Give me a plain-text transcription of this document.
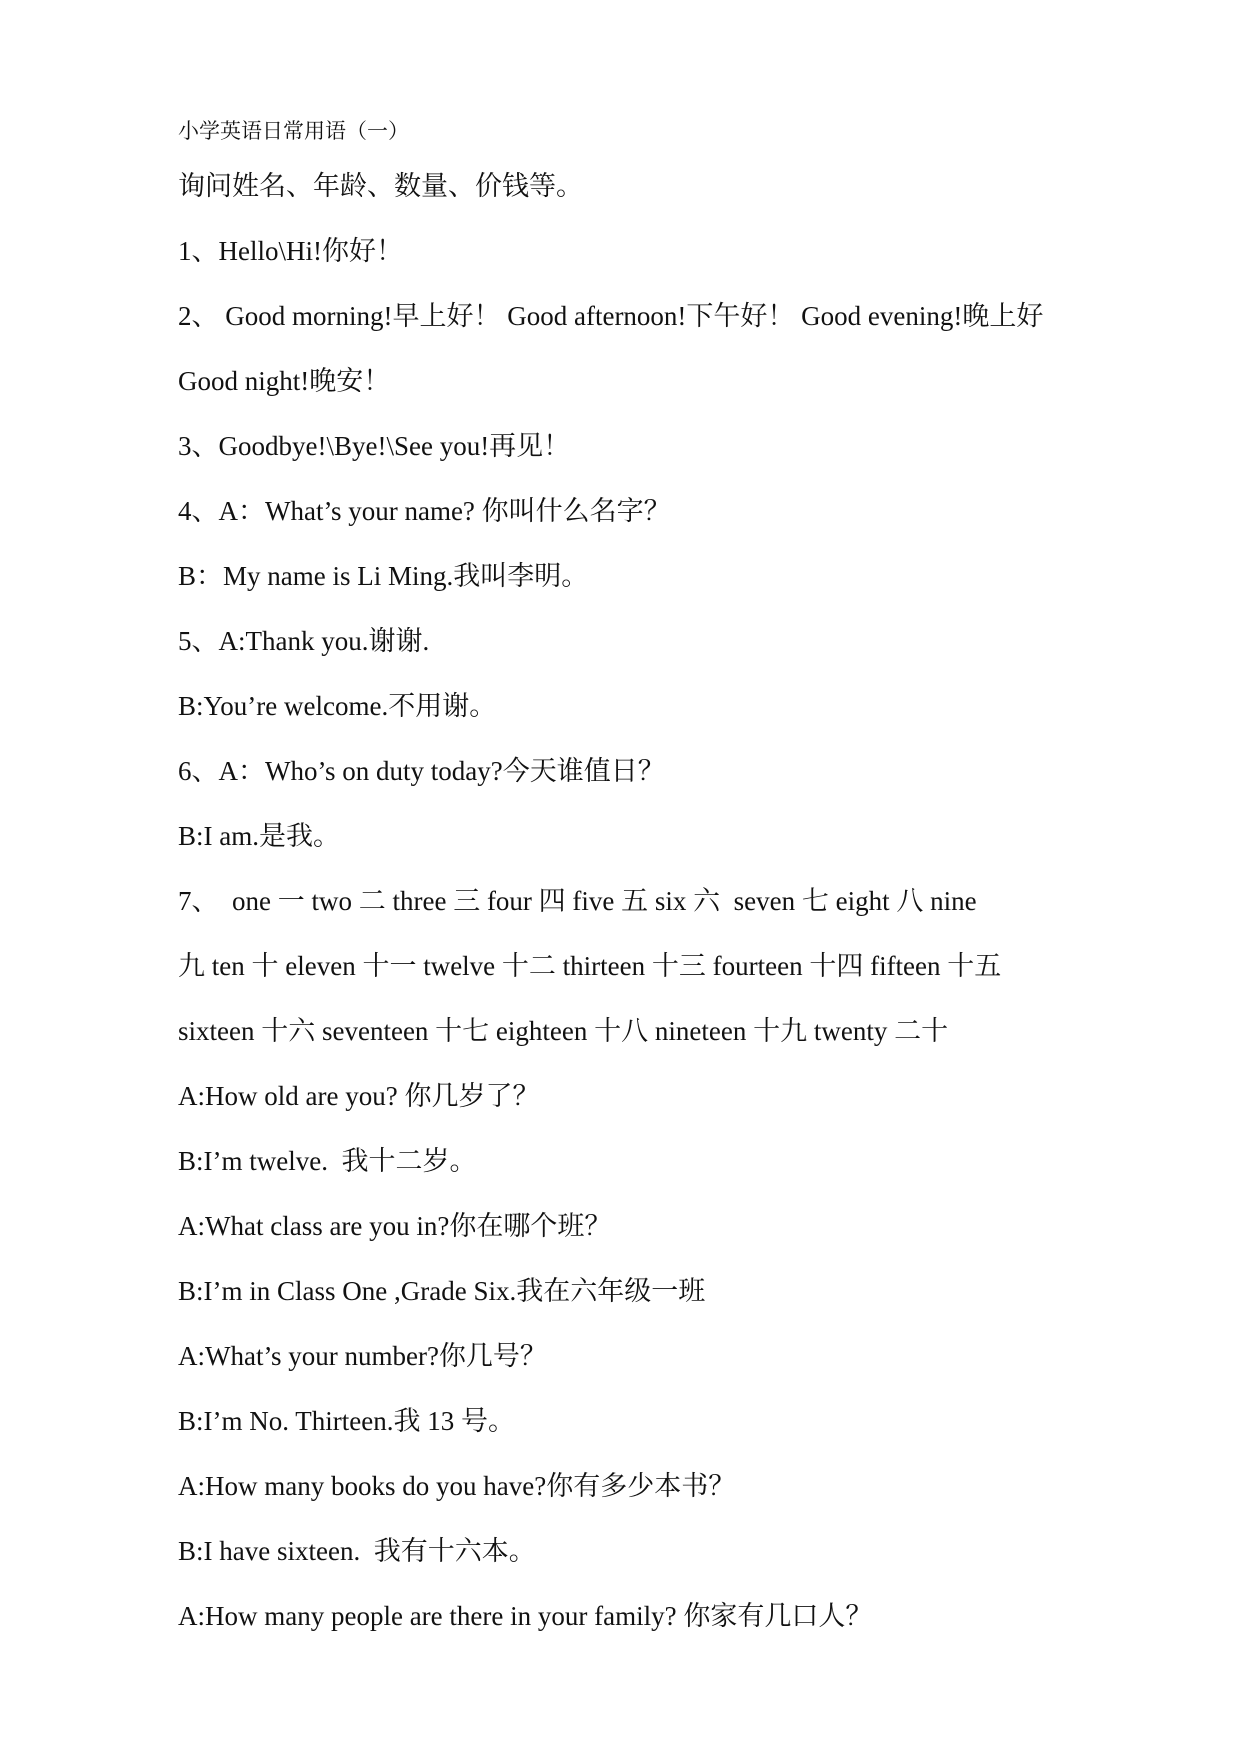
小学英语日常用语（一）
询问姓名、年龄、数量、价钱等。
1、Hello\Hi!你好！
2、 Good morning!早上好！ Good afternoon!下午好！ Good evening!晚上好
Good night!晚安！
3、Goodbye!\Bye!\See you!再见！
4、A：What’s your name? 你叫什么名字？
B：My name is Li Ming.我叫李明。
5、A:Thank you.谢谢.
B:You’re welcome.不用谢。
6、A：Who’s on duty today?今天谁值日？
B:I am.是我。
7、  one 一 two 二 three 三 four 四 five 五 six 六  seven 七 eight 八 nine
九 ten 十 eleven 十一 twelve 十二 thirteen 十三 fourteen 十四 fifteen 十五
sixteen 十六 seventeen 十七 eighteen 十八 nineteen 十九 twenty 二十
A:How old are you? 你几岁了？
B:I’m twelve.  我十二岁。
A:What class are you in?你在哪个班？
B:I’m in Class One ,Grade Six.我在六年级一班
A:What’s your number?你几号？
B:I’m No. Thirteen.我 13 号。
A:How many books do you have?你有多少本书？
B:I have sixteen.  我有十六本。
A:How many people are there in your family? 你家有几口人？
